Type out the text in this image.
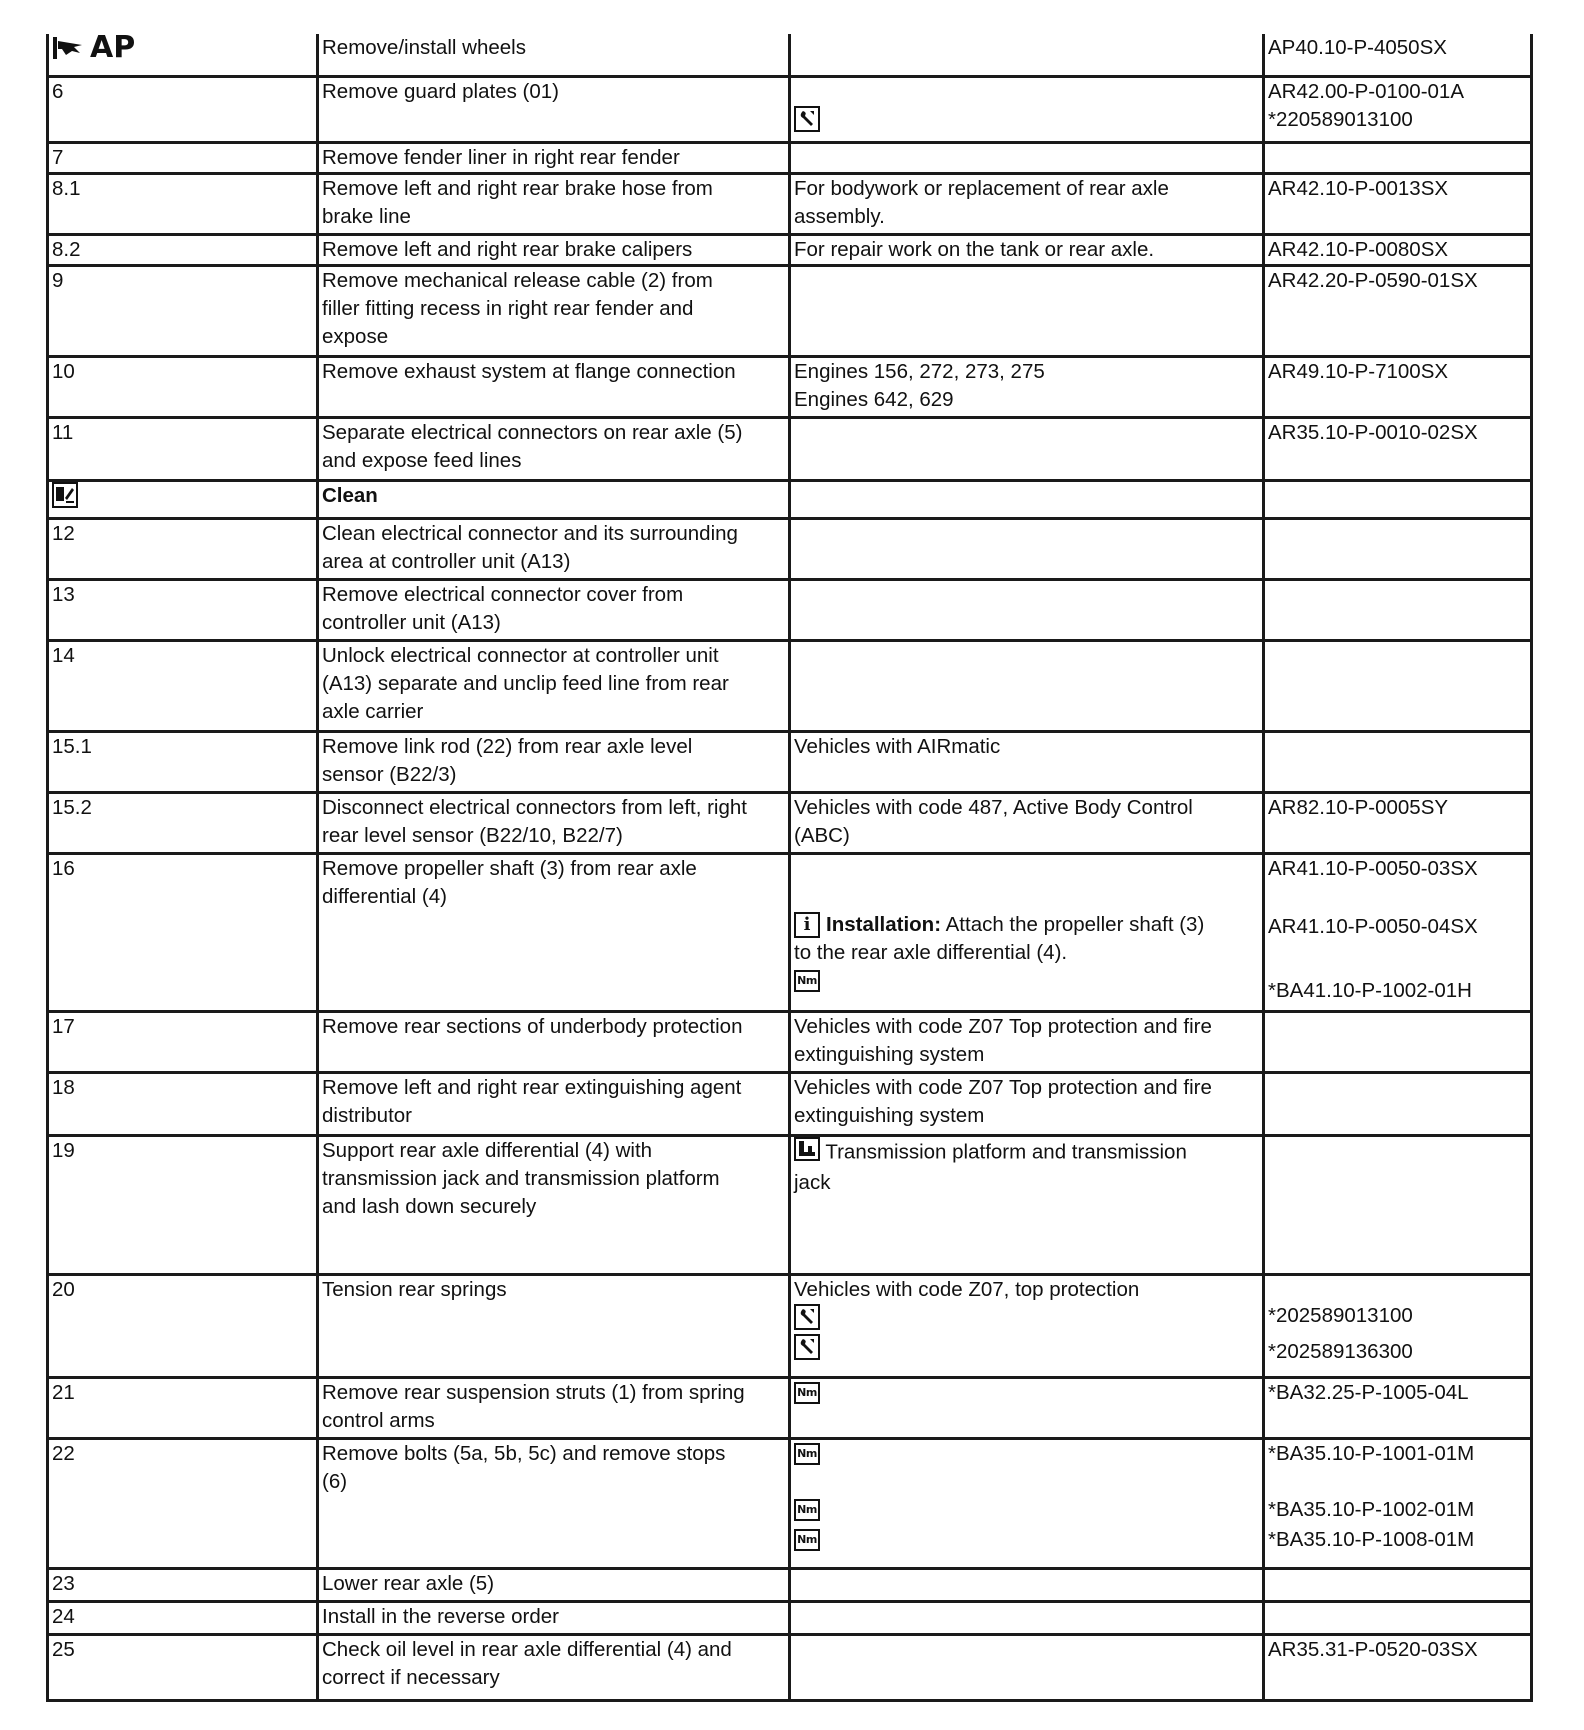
AP	Remove/install wheels		AP40.10-P-4050SX

6	Remove guard plates (01)		AR42.00-P-0100-01A
*220589013100

7	Remove fender liner in right rear fender		

8.1	Remove left and right rear brake hose from
brake line	For bodywork or replacement of rear axle
assembly.	AR42.10-P-0013SX

8.2	Remove left and right rear brake calipers	For repair work on the tank or rear axle.	AR42.10-P-0080SX

9	Remove mechanical release cable (2) from
filler fitting recess in right rear fender and
expose		AR42.20-P-0590-01SX

10	Remove exhaust system at flange connection	Engines 156, 272, 273, 275
Engines 642, 629	AR49.10-P-7100SX

11	Separate electrical connectors on rear axle (5)
and expose feed lines		AR35.10-P-0010-02SX

Clean		

12	Clean electrical connector and its surrounding
area at controller unit (A13)		

13	Remove electrical connector cover from
controller unit (A13)		

14	Unlock electrical connector at controller unit
(A13) separate and unclip feed line from rear
axle carrier		

15.1	Remove link rod (22) from rear axle level
sensor (B22/3)	Vehicles with AIRmatic	

15.2	Disconnect electrical connectors from left, right
rear level sensor (B22/10, B22/7)	Vehicles with code 487, Active Body Control
(ABC)	AR82.10-P-0005SY

16	Remove propeller shaft (3) from rear axle
differential (4)	i Installation: Attach the propeller shaft (3)
to the rear axle differential (4).
Nm	AR41.10-P-0050-03SX
AR41.10-P-0050-04SX
*BA41.10-P-1002-01H

17	Remove rear sections of underbody protection	Vehicles with code Z07 Top protection and fire
extinguishing system	

18	Remove left and right rear extinguishing agent
distributor	Vehicles with code Z07 Top protection and fire
extinguishing system	

19	Support rear axle differential (4) with
transmission jack and transmission platform
and lash down securely	Transmission platform and transmission
jack	

20	Tension rear springs	Vehicles with code Z07, top protection	*202589013100
*202589136300

21	Remove rear suspension struts (1) from spring
control arms	Nm	*BA32.25-P-1005-04L

22	Remove bolts (5a, 5b, 5c) and remove stops
(6)	Nm
Nm
Nm	*BA35.10-P-1001-01M
*BA35.10-P-1002-01M
*BA35.10-P-1008-01M

23	Lower rear axle (5)		

24	Install in the reverse order		

25	Check oil level in rear axle differential (4) and
correct if necessary		AR35.31-P-0520-03SX
